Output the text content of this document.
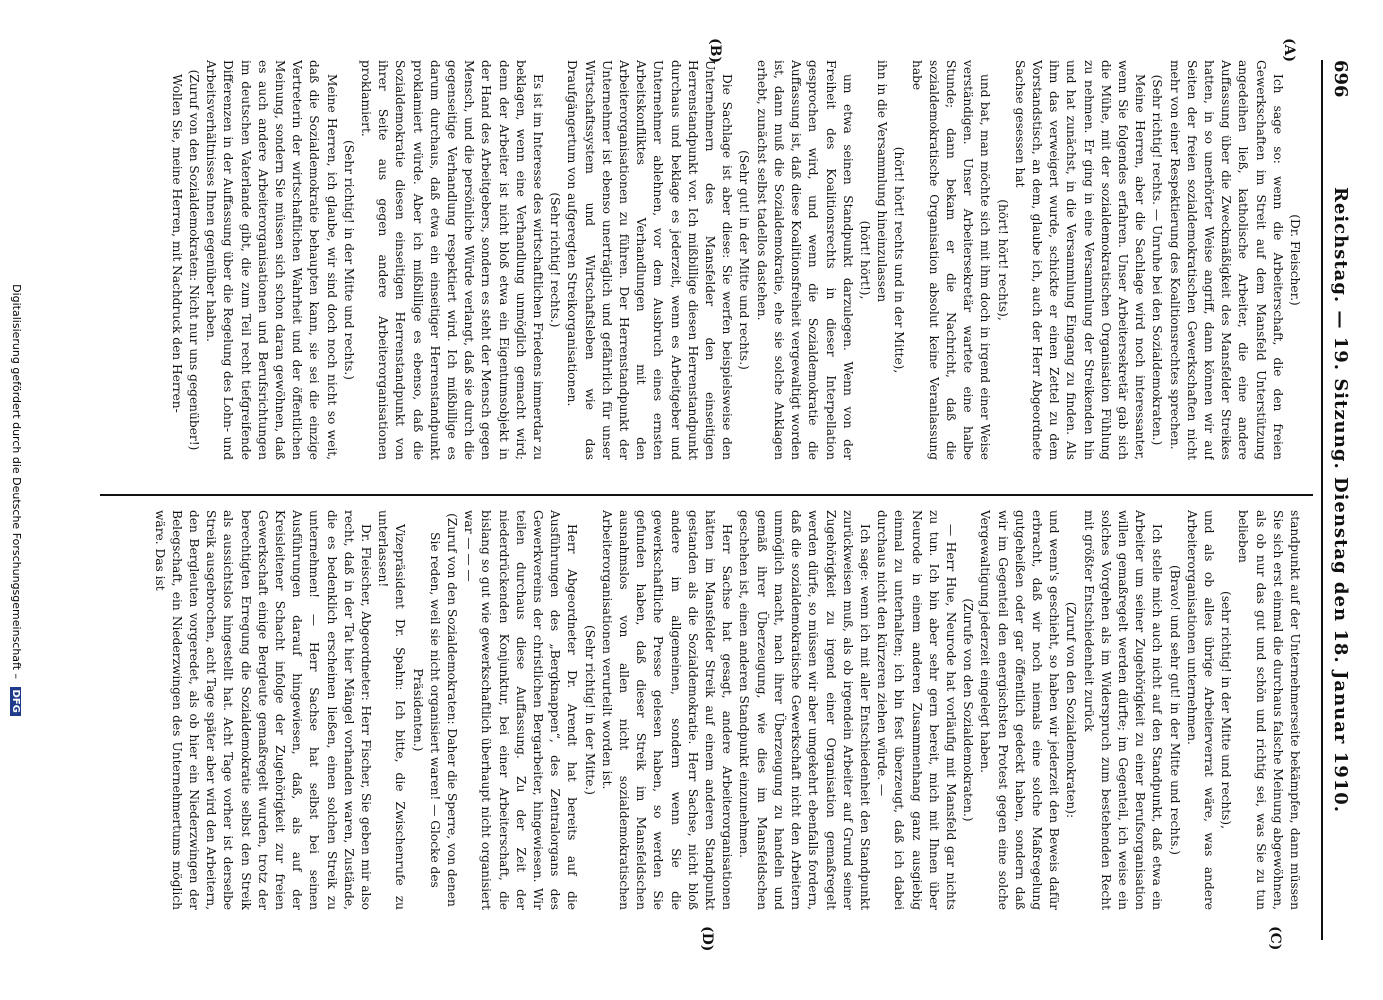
696
Reichstag. — 19. Sitzung. Dienstag den 18. Januar 1910.
(A)
(B)
(C)
(D)

(Dr. Fleischer.)

Ich sage so: wenn die Arbeiterschaft, die den freien Gewerkschaften im Streit auf dem Mansfeld Unterstützung angedeihen ließ, katholische Arbeiter, die eine andere Auffassung über die Zweckmäßigkeit des Mansfelder Streikes hatten, in so unerhörter Weise angriff, dann können wir auf Seiten der freien sozialdemokratischen Gewerkschaften nicht mehr von einer Respektierung des Koalitionsrechtes sprechen.

(Sehr richtig! rechts. — Unruhe bei den Sozialdemokraten.)

Meine Herren, aber die Sachlage wird noch interessanter, wenn Sie folgendes erfahren. Unser Arbeitersekretär gab sich die Mühe, mit der sozialdemokratischen Organisation Fühlung zu nehmen. Er ging in eine Versammlung der Streikenden hin und hat zunächst, in die Versammlung Eingang zu finden. Als ihm das verweigert wurde, schickte er einen Zettel zu dem Vorstandstisch, an dem, glaube ich, auch der Herr Abgeordnete Sachse gesessen hat

(hört! hört! rechts),

und bat, man möchte sich mit ihm doch in irgend einer Weise verständigen. Unser Arbeitersekretär wartete eine halbe Stunde; dann bekam er die Nachricht, daß die sozialdemokratische Organisation absolut keine Veranlassung habe

(hört! hört! rechts und in der Mitte),

ihn in die Versammlung hineinzulassen

(hört! hört!),

um etwa seinen Standpunkt darzulegen. Wenn von der Freiheit des Koalitionsrechts in dieser Interpellation gesprochen wird, und wenn die Sozialdemokratie die Auffassung ist, daß diese Koalitionsfreiheit vergewaltigt worden ist, dann muß die Sozialdemokratie, ehe sie solche Anklagen erhebt, zunächst selbst tadellos dastehen.

(Sehr gut! in der Mitte und rechts.)

Die Sachlage ist aber diese: Sie werfen beispielsweise den Unternehmern des Mansfelder den einseitigen Herrenstandpunkt vor. Ich mißbillige diesen Herrenstandpunkt durchaus und beklage es jederzeit, wenn es Arbeitgeber und Unternehmer ablehnen, vor dem Ausbruch eines ernsten Arbeitskonfliktes Verhandlungen mit den Arbeiterorganisationen zu führen. Der Herrenstandpunkt der Unternehmer ist ebenso unerträglich und gefährlich für unser Wirtschaftssystem und Wirtschaftsleben wie das Draufgängertum von aufgeregten Streikorganisationen.

(Sehr richtig! rechts.)

Es ist im Interesse des wirtschaftlichen Friedens immerdar zu beklagen, wenn eine Verhandlung unmöglich gemacht wird; denn der Arbeiter ist nicht bloß etwa ein Eigentumsobjekt in der Hand des Arbeitgebers, sondern es steht der Mensch gegen Mensch, und die persönliche Würde verlangt, daß sie durch die gegenseitige Verhandlung respektiert wird. Ich mißbillige es darum durchaus, daß etwa ein einseitiger Herrenstandpunkt proklamiert würde. Aber ich mißbillige es ebenso, daß die Sozialdemokratie diesen einseitigen Herrenstandpunkt von ihrer Seite aus gegen andere Arbeiterorganisationen proklamiert.

(Sehr richtig! in der Mitte und rechts.)

Meine Herren, ich glaube, wir sind doch noch nicht so weit, daß die Sozialdemokratie behaupten kann, sie sei die einzige Vertreterin der wirtschaftlichen Wahrheit und der öffentlichen Meinung, sondern Sie müssen sich schon daran gewöhnen, daß es auch andere Arbeiterorganisationen und Berufsrichtungen im deutschen Vaterlande gibt, die zum Teil recht tiefgreifende Differenzen in der Auffassung über die Regelung des Lohn- und Arbeitsverhältnisses Ihnen gegenüber haben.

(Zuruf von den Sozialdemokraten: Nicht nur uns gegenüber!)

Wollen Sie, meine Herren, mit Nachdruck den Herren-

standpunkt auf der Unternehmerseite bekämpfen, dann müssen Sie sich erst einmal die durchaus falsche Meinung abgewöhnen, als ob nur das gut und schön und richtig sei, was Sie zu tun belieben

(sehr richtig! in der Mitte und rechts),

und als ob alles übrige Arbeiterverrat wäre, was andere Arbeiterorganisationen unternehmen.

(Bravo! und sehr gut! in der Mitte und rechts.)

Ich stelle mich auch nicht auf den Standpunkt, daß etwa ein Arbeiter um seiner Zugehörigkeit zu einer Berufsorganisation willen gemaßregelt werden dürfte; im Gegenteil, ich weise ein solches Vorgehen als im Widerspruch zum bestehenden Recht mit größter Entschiedenheit zurück

(Zuruf von den Sozialdemokraten):

und wenn's geschieht, so haben wir jederzeit den Beweis dafür erbracht, daß wir noch niemals eine solche Maßregelung gutgeheißen oder gar öffentlich gedeckt haben, sondern daß wir im Gegenteil den energischsten Protest gegen eine solche Vergewaltigung jederzeit eingelegt haben.

(Zurufe von den Sozialdemokraten.)

— Herr Hue, Neurode hat vorläufig mit Mansfeld gar nichts zu tun. Ich bin aber sehr gern bereit, mich mit Ihnen über Neurode in einem anderen Zusammenhang ganz ausgiebig einmal zu unterhalten; ich bin fest überzeugt, daß ich dabei durchaus nicht den kürzeren ziehen würde. —

Ich sage: wenn ich mit aller Entschiedenheit den Standpunkt zurückweisen muß, als ob irgendein Arbeiter auf Grund seiner Zugehörigkeit zu irgend einer Organisation gemaßregelt werden dürfe, so müssen wir aber umgekehrt ebenfalls fordern, daß die sozialdemokratische Gewerkschaft nicht den Arbeitern unmöglich macht, nach ihrer Überzeugung zu handeln und gemäß ihrer Überzeugung, wie dies im Mansfeldschen geschehen ist, einen anderen Standpunkt einzunehmen.

Herr Sachse hat gesagt, andere Arbeiterorganisationen hätten im Mansfelder Streik auf einem anderen Standpunkt gestanden als die Sozialdemokratie. Herr Sachse, nicht bloß andere im allgemeinen, sondern wenn Sie die gewerkschaftliche Presse gelesen haben, so werden Sie gefunden haben, daß dieser Streik im Mansfeldschen ausnahmslos von allen nicht sozialdemokratischen Arbeiterorganisationen verurteilt worden ist.

(Sehr richtig! in der Mitte.)

Herr Abgeordneter Dr. Arendt hat bereits auf die Ausführungen des „Bergknappen“, des Zentralorgans des Gewerkvereins der christlichen Bergarbeiter, hingewiesen. Wir teilen durchaus diese Auffassung. Zu der Zeit der niederdrückenden Konjunktur, bei einer Arbeiterschaft, die bislang so gut wie gewerkschaftlich überhaupt nicht organisiert war — — —

(Zuruf von den Sozialdemokraten: Daher die Sperre, von denen Sie reden, weil sie nicht organisiert waren! — Glocke des Präsidenten.)

Vizepräsident Dr. Spahn: Ich bitte, die Zwischenrufe zu unterlassen!

Dr. Fleischer, Abgeordneter: Herr Fischer, Sie geben mir also recht, daß in der Tat hier Mängel vorhanden waren, Zustände, die es bedenklich erscheinen ließen, einen solchen Streik zu unternehmen! — Herr Sachse hat selbst bei seinen Ausführungen darauf hingewiesen, daß, als auf der Kreisleitener Schacht infolge der Zugehörigkeit zur freien Gewerkschaft einige Bergleute gemaßregelt wurden, trotz der berechtigten Erregung die Sozialdemokratie selbst den Streik als aussichtslos hingestellt hat. Acht Tage vorher ist derselbe Streik ausgebrochen, acht Tage später aber wird den Arbeitern, den Bergleuten vorgeredet, als ob hier ein Niederzwingen der Belegschaft, ein Niederzwingen des Unternehmertums möglich wäre. Das ist

Digitalisierung gefördert durch die Deutsche Forschungsgemeinschaft – DFG
